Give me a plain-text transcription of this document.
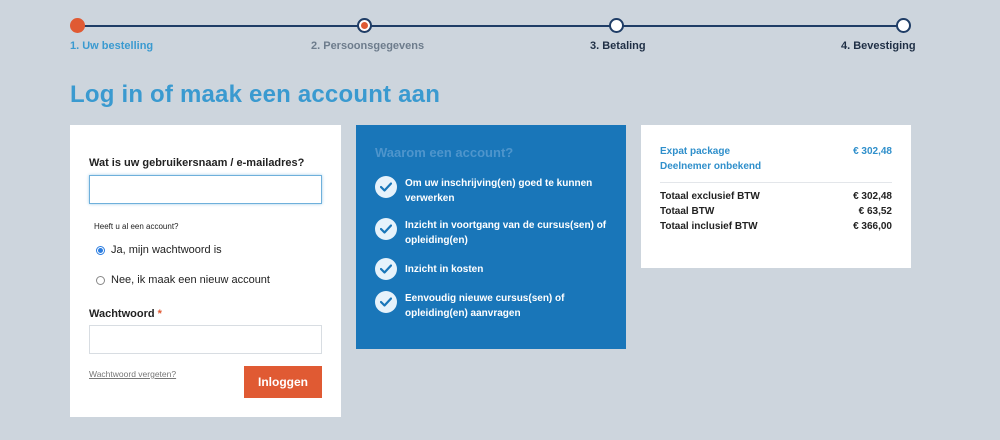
1. Uw bestelling	2. Persoonsgegevens	3. Betaling	4. Bevestiging
Log in of maak een account aan
Wat is uw gebruikersnaam / e-mailadres?
Heeft u al een account?
Ja, mijn wachtwoord is
Nee, ik maak een nieuw account
Wachtwoord *
Wachtwoord vergeten?
Inloggen
Waarom een account?
Om uw inschrijving(en) goed te kunnen verwerken
Inzicht in voortgang van de cursus(sen) of opleiding(en)
Inzicht in kosten
Eenvoudig nieuwe cursus(sen) of opleiding(en) aanvragen
Expat package	€ 302,48
Deelnemer onbekend
Totaal exclusief BTW	€ 302,48
Totaal BTW	€ 63,52
Totaal inclusief BTW	€ 366,00
